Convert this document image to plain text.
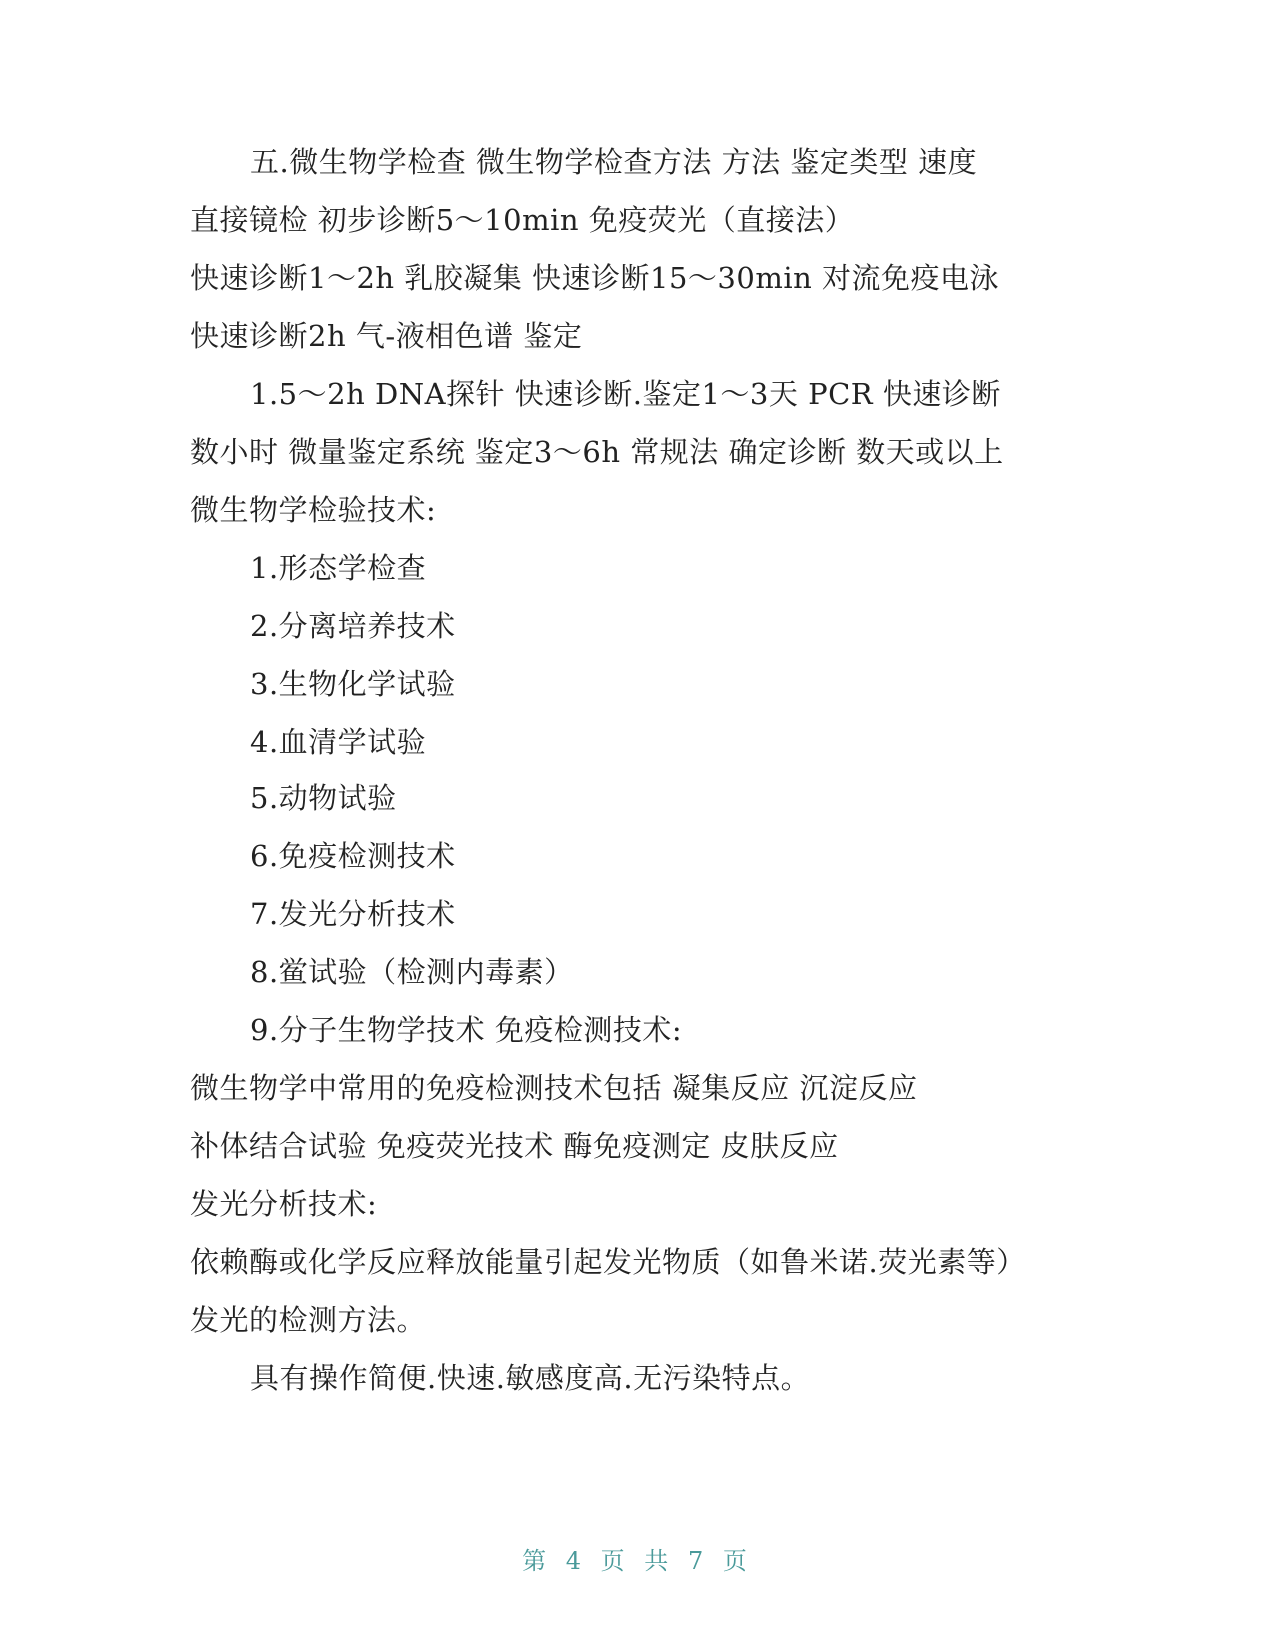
五.微生物学检查 微生物学检查方法 方法 鉴定类型 速度
直接镜检 初步诊断5～10min 免疫荧光（直接法）
快速诊断1～2h 乳胶凝集 快速诊断15～30min 对流免疫电泳
快速诊断2h 气-液相色谱 鉴定
1.5～2h DNA探针 快速诊断.鉴定1～3天 PCR 快速诊断
数小时 微量鉴定系统 鉴定3～6h 常规法 确定诊断 数天或以上
微生物学检验技术:
1.形态学检查
2.分离培养技术
3.生物化学试验
4.血清学试验
5.动物试验
6.免疫检测技术
7.发光分析技术
8.鲎试验（检测内毒素）
9.分子生物学技术 免疫检测技术:
微生物学中常用的免疫检测技术包括 凝集反应 沉淀反应
补体结合试验 免疫荧光技术 酶免疫测定 皮肤反应
发光分析技术:
依赖酶或化学反应释放能量引起发光物质（如鲁米诺.荧光素等）
发光的检测方法。
具有操作简便.快速.敏感度高.无污染特点。
第 4 页 共 7 页
